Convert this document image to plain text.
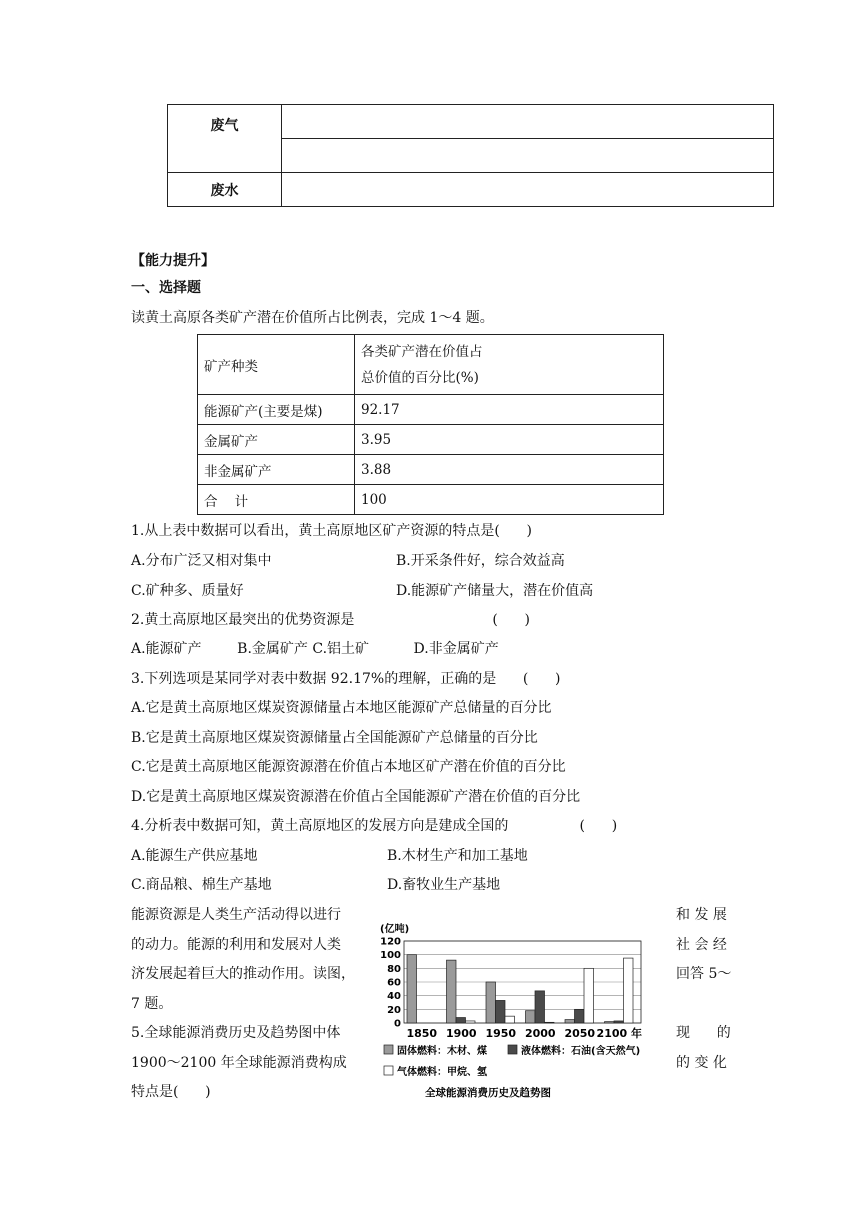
废气	

废水	
【能力提升】
一、选择题
读黄土高原各类矿产潜在价值所占比例表，完成 1～4 题。
矿产种类	各类矿产潜在价值占
总价值的百分比(%)

能源矿产(主要是煤)	92.17
金属矿产	3.95
非金属矿产	3.88
合    计	100
1.从上表中数据可以看出，黄土高原地区矿产资源的特点是(      )
A.分布广泛又相对集中	B.开采条件好，综合效益高
C.矿种多、质量好	D.能源矿产储量大，潜在价值高
2.黄土高原地区最突出的优势资源是                               (      )
A.能源矿产        B.金属矿产 C.铝土矿          D.非金属矿产
3.下列选项是某同学对表中数据 92.17%的理解，正确的是      (      )
A.它是黄土高原地区煤炭资源储量占本地区能源矿产总储量的百分比
B.它是黄土高原地区煤炭资源储量占全国能源矿产总储量的百分比
C.它是黄土高原地区能源资源潜在价值占本地区矿产潜在价值的百分比
D.它是黄土高原地区煤炭资源潜在价值占全国能源矿产潜在价值的百分比
4.分析表中数据可知，黄土高原地区的发展方向是建成全国的                (      )
A.能源生产供应基地	B.木材生产和加工基地
C.商品粮、棉生产基地	D.畜牧业生产基地
能源资源是人类生产活动得以进行	和 发 展
的动力。能源的利用和发展对人类	社 会 经
济发展起着巨大的推动作用。读图，	回答 5～
7 题。
5.全球能源消费历史及趋势图中体	现      的
1900～2100 年全球能源消费构成	的 变 化
特点是(      )
(亿吨)
0
20
40
60
80
100
120
1850 1900 1950 2000 2050 2100 年
固体燃料：木材、煤	液体燃料：石油(含天然气)
气体燃料：甲烷、氢
全球能源消费历史及趋势图
